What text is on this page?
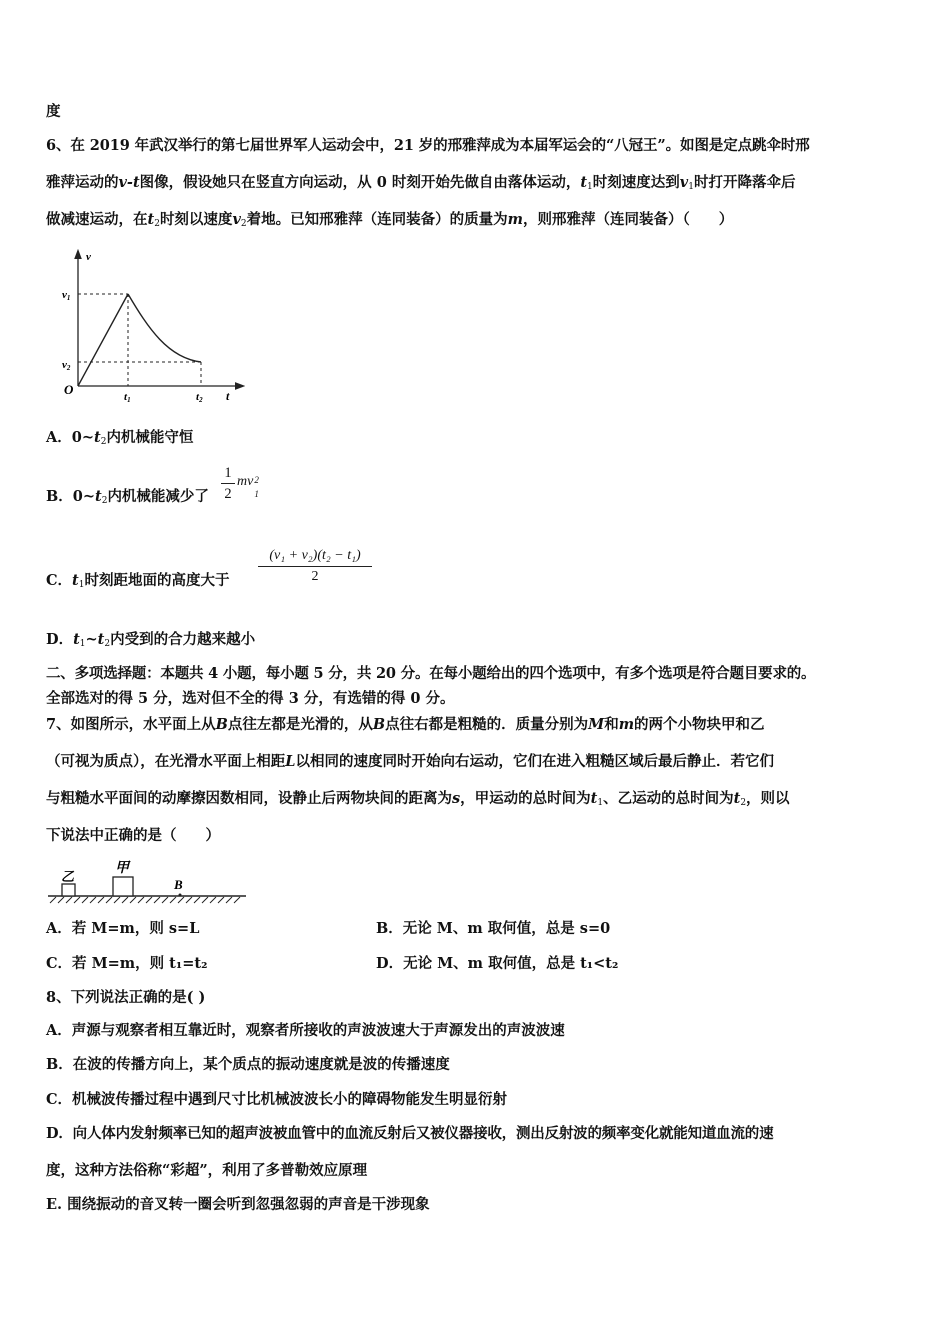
度
6、在 2019 年武汉举行的第七届世界军人运动会中，21 岁的邢雅萍成为本届军运会的“八冠王”。如图是定点跳伞时邢
雅萍运动的v-t图像，假设她只在竖直方向运动，从 0 时刻开始先做自由落体运动，$t_1$时刻速度达到$v_1$时打开降落伞后
做减速运动，在$t_2$时刻以速度$v_2$着地。已知邢雅萍（连同装备）的质量为m，则邢雅萍（连同装备）（　　）
v
t
O
v1
v2
t1	t2
A．$0\sim t_2$内机械能守恒
B．$0\sim t_2$内机械能减少了
1
2
mv 2
1
C．$t_1$时刻距地面的高度大于
(v₁ + v₂)(t₂ − t₁)
2
D．$t_1\sim t_2$内受到的合力越来越小
二、多项选择题：本题共 4 小题，每小题 5 分，共 20 分。在每小题给出的四个选项中，有多个选项是符合题目要求的。
全部选对的得 5 分，选对但不全的得 3 分，有选错的得 0 分。
7、如图所示，水平面上从B点往左都是光滑的，从B点往右都是粗糙的．质量分别为M和m的两个小物块甲和乙
（可视为质点），在光滑水平面上相距L以相同的速度同时开始向右运动，它们在进入粗糙区域后最后静止．若它们
与粗糙水平面间的动摩擦因数相同，设静止后两物块间的距离为s，甲运动的总时间为$t_1$、乙运动的总时间为$t_2$，则以
下说法中正确的是（　　）
乙
甲
B
A．若 M=m，则 s=L	B．无论 M、m 取何值，总是 s=0
C．若 M=m，则 t₁=t₂	D．无论 M、m 取何值，总是 t₁<t₂
8、下列说法正确的是( )
A．声源与观察者相互靠近时，观察者所接收的声波波速大于声源发出的声波波速
B．在波的传播方向上，某个质点的振动速度就是波的传播速度
C．机械波传播过程中遇到尺寸比机械波波长小的障碍物能发生明显衍射
D．向人体内发射频率已知的超声波被血管中的血流反射后又被仪器接收，测出反射波的频率变化就能知道血流的速
度，这种方法俗称“彩超”，利用了多普勒效应原理
E. 围绕振动的音叉转一圈会听到忽强忽弱的声音是干涉现象
